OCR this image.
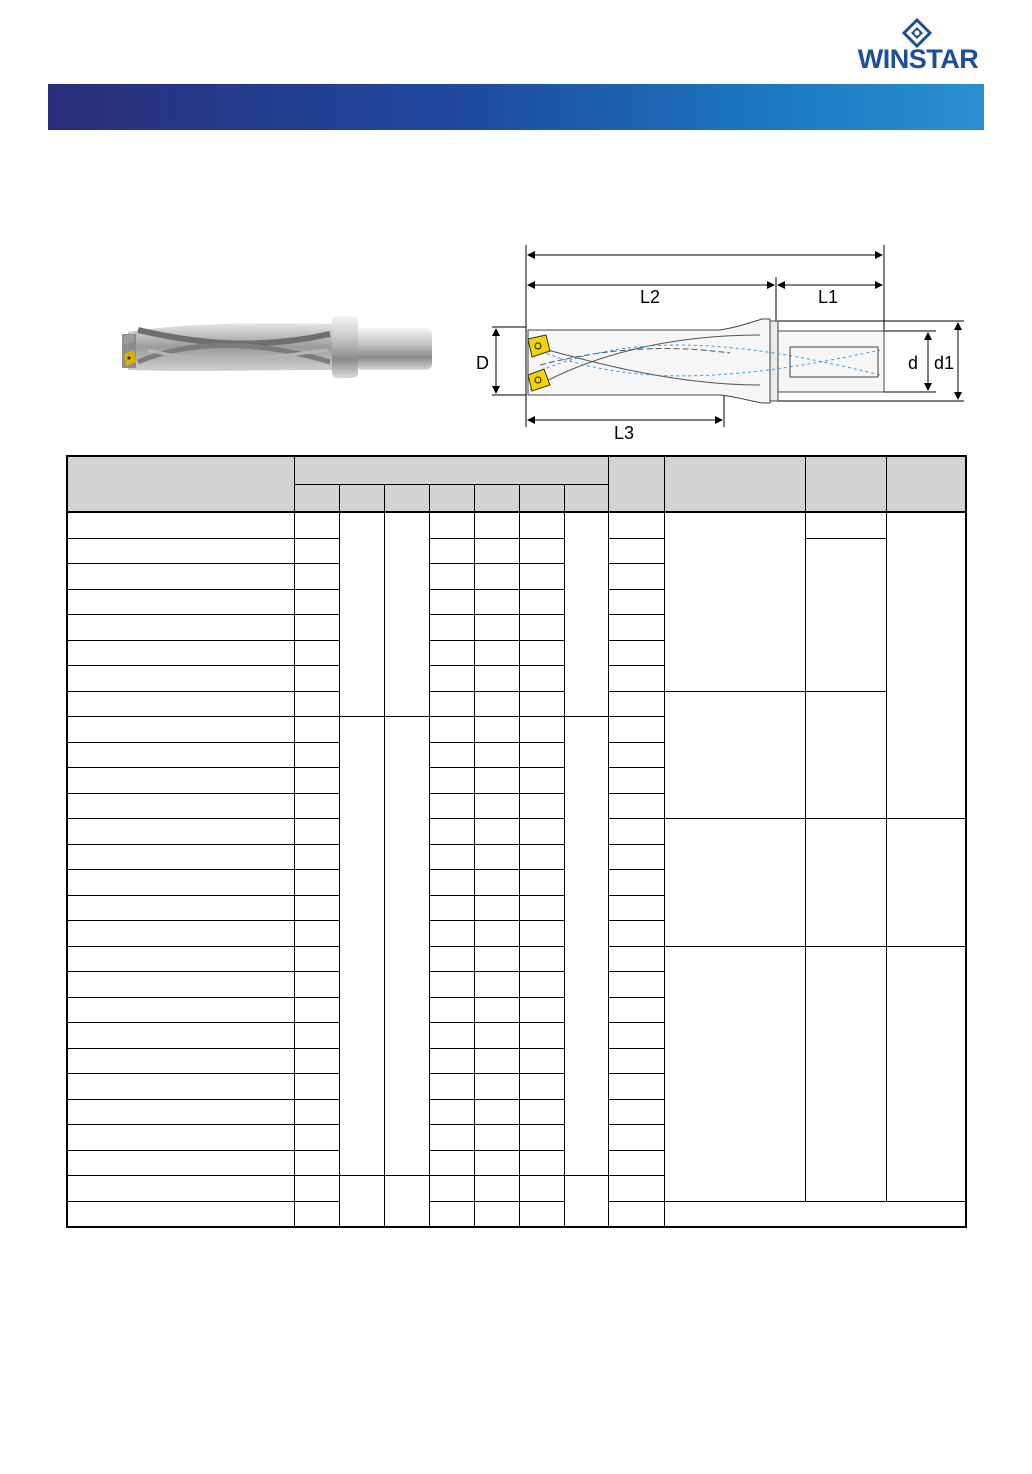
WINSTAR
L2	L1
L3
D	d d1
